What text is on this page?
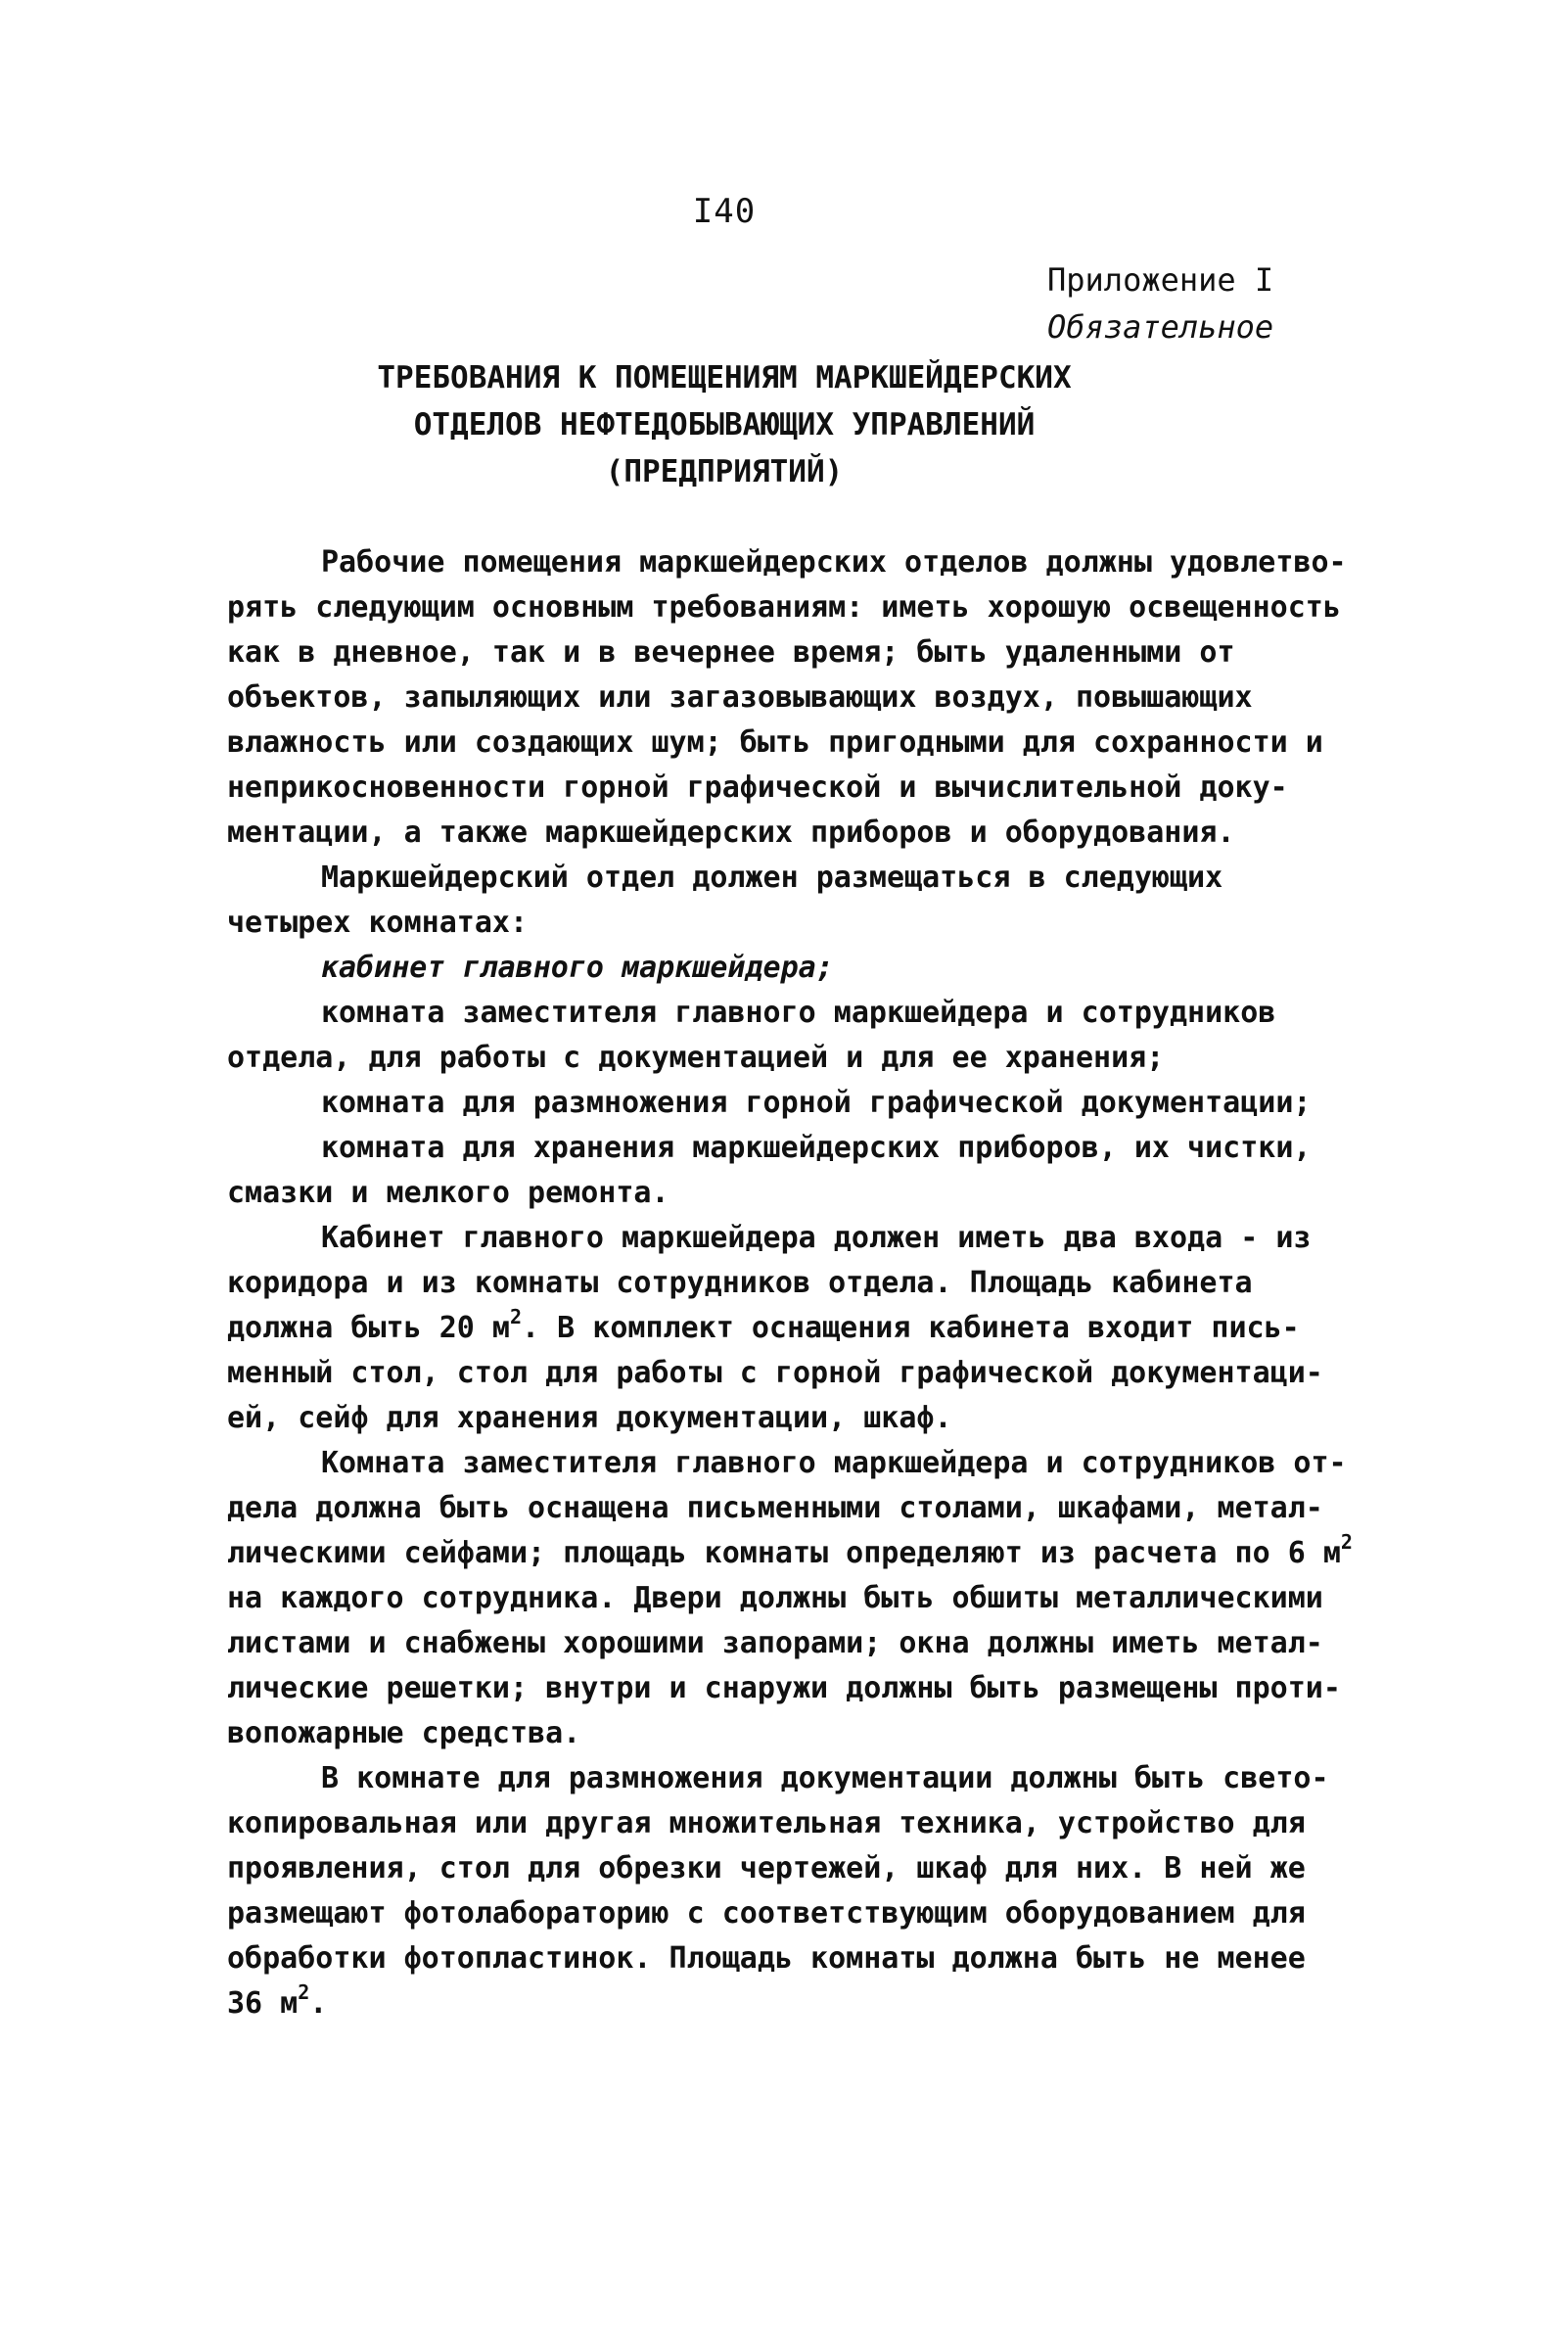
I40
Приложение I
Обязательное
ТРЕБОВАНИЯ К ПОМЕЩЕНИЯМ МАРКШЕЙДЕРСКИХ
ОТДЕЛОВ НЕФТЕДОБЫВАЮЩИХ УПРАВЛЕНИЙ
(ПРЕДПРИЯТИЙ)
Рабочие помещения маркшейдерских отделов должны удовлетво-
рять следующим основным требованиям: иметь хорошую освещенность
как в дневное, так и в вечернее время; быть удаленными от
объектов, запыляющих или загазовывающих воздух, повышающих
влажность или создающих шум; быть пригодными для сохранности и
неприкосновенности горной графической и вычислительной доку-
ментации, а также маркшейдерских приборов и оборудования.
Маркшейдерский отдел должен размещаться в следующих
четырех комнатах:
кабинет главного маркшейдера;
комната заместителя главного маркшейдера и сотрудников
отдела, для работы с документацией и для ее хранения;
комната для размножения горной графической документации;
комната для хранения маркшейдерских приборов, их чистки,
смазки и мелкого ремонта.
Кабинет главного маркшейдера должен иметь два входа - из
коридора и из комнаты сотрудников отдела. Площадь кабинета
должна быть 20 $м^2$. В комплект оснащения кабинета входит пись-
менный стол, стол для работы с горной графической документаци-
ей, сейф для хранения документации, шкаф.
Комната заместителя главного маркшейдера и сотрудников от-
дела должна быть оснащена письменными столами, шкафами, метал-
лическими сейфами; площадь комнаты определяют из расчета по 6 $м^2$
на каждого сотрудника. Двери должны быть обшиты металлическими
листами и снабжены хорошими запорами; окна должны иметь метал-
лические решетки; внутри и снаружи должны быть размещены проти-
вопожарные средства.
В комнате для размножения документации должны быть свето-
копировальная или другая множительная техника, устройство для
проявления, стол для обрезки чертежей, шкаф для них. В ней же
размещают фотолабораторию с соответствующим оборудованием для
обработки фотопластинок. Площадь комнаты должна быть не менее
36 $м^2$.
